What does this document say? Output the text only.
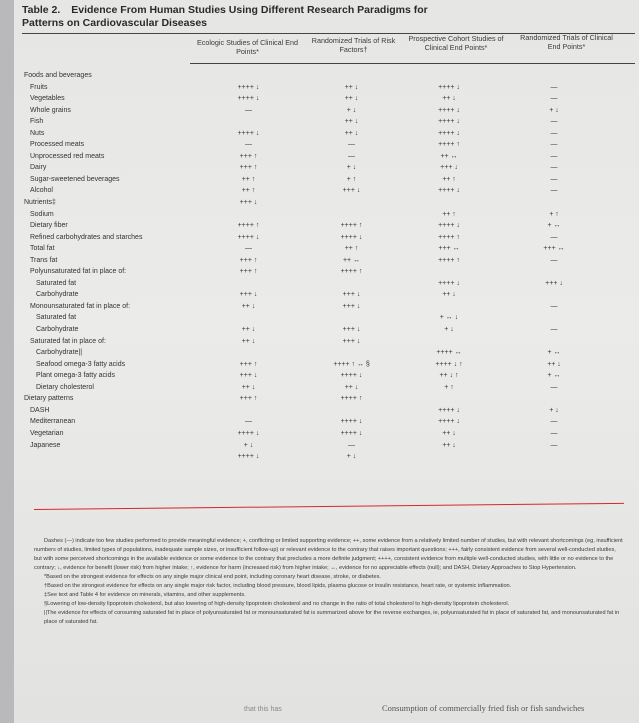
Table 2. Evidence From Human Studies Using Different Research Paradigms for
Patterns on Cardiovascular Diseases
Ecologic Studies of Clinical End Points*
Randomized Trials of Risk Factors†
Prospective Cohort Studies of Clinical End Points*
Randomized Trials of Clinical End Points*
Foods and beverages				
Fruits	++++ ↓	++ ↓	++++ ↓	—
Vegetables	++++ ↓	++ ↓	++ ↓	—
Whole grains	—	+ ↓	++++ ↓	+ ↓
Fish		++ ↓	++++ ↓	—
Nuts	++++ ↓	++ ↓	++++ ↓	—
Processed meats	—	—	++++ ↑	—
Unprocessed red meats	+++ ↑	—	++ ↔	—
Dairy	+++ ↑	+ ↓	+++ ↓	—
Sugar-sweetened beverages	++ ↑	+ ↑	++ ↑	—
Alcohol	++ ↑	+++ ↓	++++ ↓	—
Nutrients‡	+++ ↓			
Sodium			++ ↑	+ ↑
Dietary fiber	++++ ↑	++++ ↑	++++ ↓	+ ↔
Refined carbohydrates and starches	++++ ↓	++++ ↓	++++ ↑	—
Total fat	—	++ ↑	+++ ↔	+++ ↔
Trans fat	+++ ↑	++ ↔	++++ ↑	—
Polyunsaturated fat in place of:	+++ ↑	++++ ↑		
Saturated fat			++++ ↓	+++ ↓
Carbohydrate	+++ ↓	+++ ↓	++ ↓	
Monounsaturated fat in place of:	++ ↓	+++ ↓		—
Saturated fat			+ ↔ ↓	
Carbohydrate	++ ↓	+++ ↓	+ ↓	—
Saturated fat in place of:	++ ↓	+++ ↓		
Carbohydrate||			++++ ↔	+ ↔
Seafood omega-3 fatty acids	+++ ↑	++++ ↑ ↔ §	++++ ↓ ↑	++ ↓
Plant omega-3 fatty acids	+++ ↓	++++ ↓	++ ↓ ↑	+ ↔
Dietary cholesterol	++ ↓	++ ↓	+ ↑	—
Dietary patterns	+++ ↑	++++ ↑		
DASH			++++ ↓	+ ↓
Mediterranean	—	++++ ↓	++++ ↓	—
Vegetarian	++++ ↓	++++ ↓	++ ↓	—
Japanese	+ ↓	—	++ ↓	—
	++++ ↓	+ ↓		

Dashes (—) indicate too few studies performed to provide meaningful evidence; +, conflicting or limited supporting evidence; ++, some evidence from a relatively limited number of studies, but with relevant shortcomings (eg, insufficient numbers of studies, limited types of populations, inadequate sample sizes, or insufficient follow-up) or relevant evidence to the contrary that raises important questions; +++, fairly consistent evidence from several well-conducted studies, but with some perceived shortcomings in the available evidence or some evidence to the contrary that precludes a more definite judgment; ++++, consistent evidence from multiple well-conducted studies, with little or no evidence to the contrary; ↓, evidence for benefit (lower risk) from higher intake; ↑, evidence for harm (increased risk) from higher intake; ↔, evidence for no appreciable effects (null); and DASH, Dietary Approaches to Stop Hypertension.

*Based on the strongest evidence for effects on any single major clinical end point, including coronary heart disease, stroke, or diabetes.

†Based on the strongest evidence for effects on any single major risk factor, including blood pressure, blood lipids, plasma glucose or insulin resistance, heart rate, or systemic inflammation.

‡See text and Table 4 for evidence on minerals, vitamins, and other supplements.

§Lowering of low-density lipoprotein cholesterol, but also lowering of high-density lipoprotein cholesterol and no change in the ratio of total cholesterol to high-density lipoprotein cholesterol.

||The evidence for effects of consuming saturated fat in place of polyunsaturated fat or monounsaturated fat is summarized above for the reverse exchanges, ie, polyunsaturated fat in place of saturated fat, and monounsaturated fat in place of saturated fat.

that this has	Consumption of commercially fried fish or fish sandwiches
